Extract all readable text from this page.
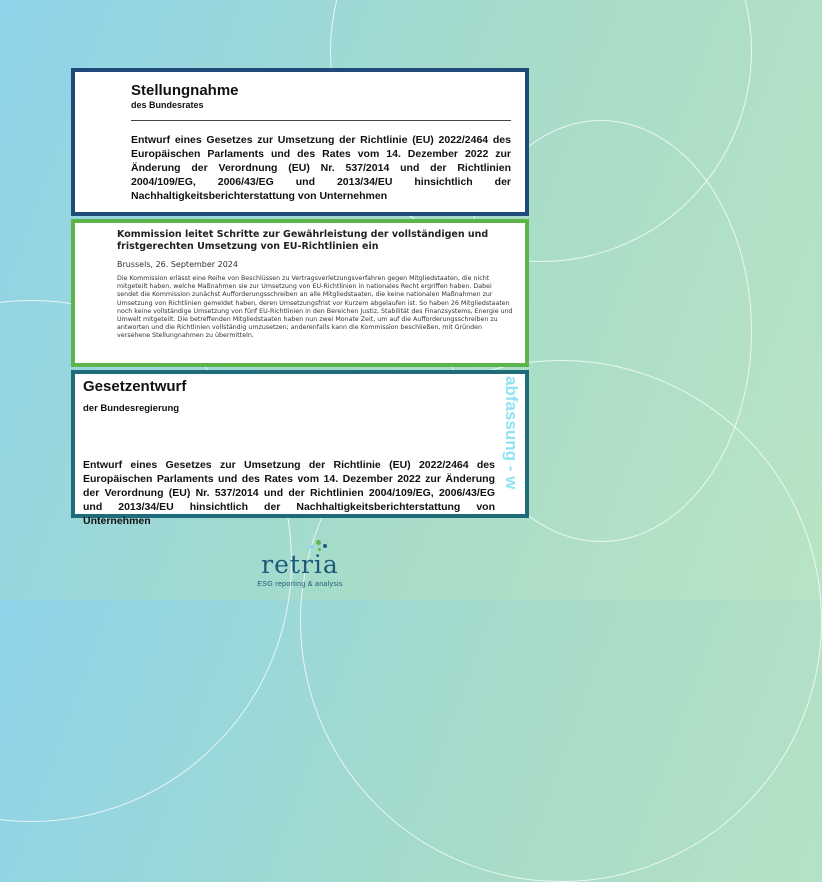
Stellungnahme
des Bundesrates

Entwurf eines Gesetzes zur Umsetzung der Richtlinie (EU) 2022/2464 des Europäischen Parlaments und des Rates vom 14. Dezember 2022 zur Änderung der Verordnung (EU) Nr. 537/2014 und der Richtlinien 2004/109/EG, 2006/43/EG und 2013/34/EU hinsichtlich der Nachhaltigkeitsberichterstattung von Unternehmen

Kommission leitet Schritte zur Gewährleistung der vollständigen und fristgerechten Umsetzung von EU-Richtlinien ein
Brussels, 26. September 2024

Die Kommission erlässt eine Reihe von Beschlüssen zu Vertragsverletzungsverfahren gegen Mitgliedstaaten, die nicht mitgeteilt haben, welche Maßnahmen sie zur Umsetzung von EU-Richtlinien in nationales Recht ergriffen haben. Dabei sendet die Kommission zunächst Aufforderungsschreiben an alle Mitgliedstaaten, die keine nationalen Maßnahmen zur Umsetzung von Richtlinien gemeldet haben, deren Umsetzungsfrist vor Kurzem abgelaufen ist. So haben 26 Mitgliedstaaten noch keine vollständige Umsetzung von fünf EU-Richtlinien in den Bereichen Justiz, Stabilität des Finanzsystems, Energie und Umwelt mitgeteilt. Die betreffenden Mitgliedstaaten haben nun zwei Monate Zeit, um auf die Aufforderungsschreiben zu antworten und die Richtlinien vollständig umzusetzen; anderenfalls kann die Kommission beschließen, mit Gründen versehene Stellungnahmen zu übermitteln.

Gesetzentwurf
der Bundesregierung

Entwurf eines Gesetzes zur Umsetzung der Richtlinie (EU) 2022/2464 des Europäischen Parlaments und des Rates vom 14. Dezember 2022 zur Änderung der Verordnung (EU) Nr. 537/2014 und der Richtlinien 2004/109/EG, 2006/43/EG und 2013/34/EU hinsichtlich der Nachhaltigkeitsberichterstattung von Unternehmen

abfassung - w
retria
ESG reporting & analysis
